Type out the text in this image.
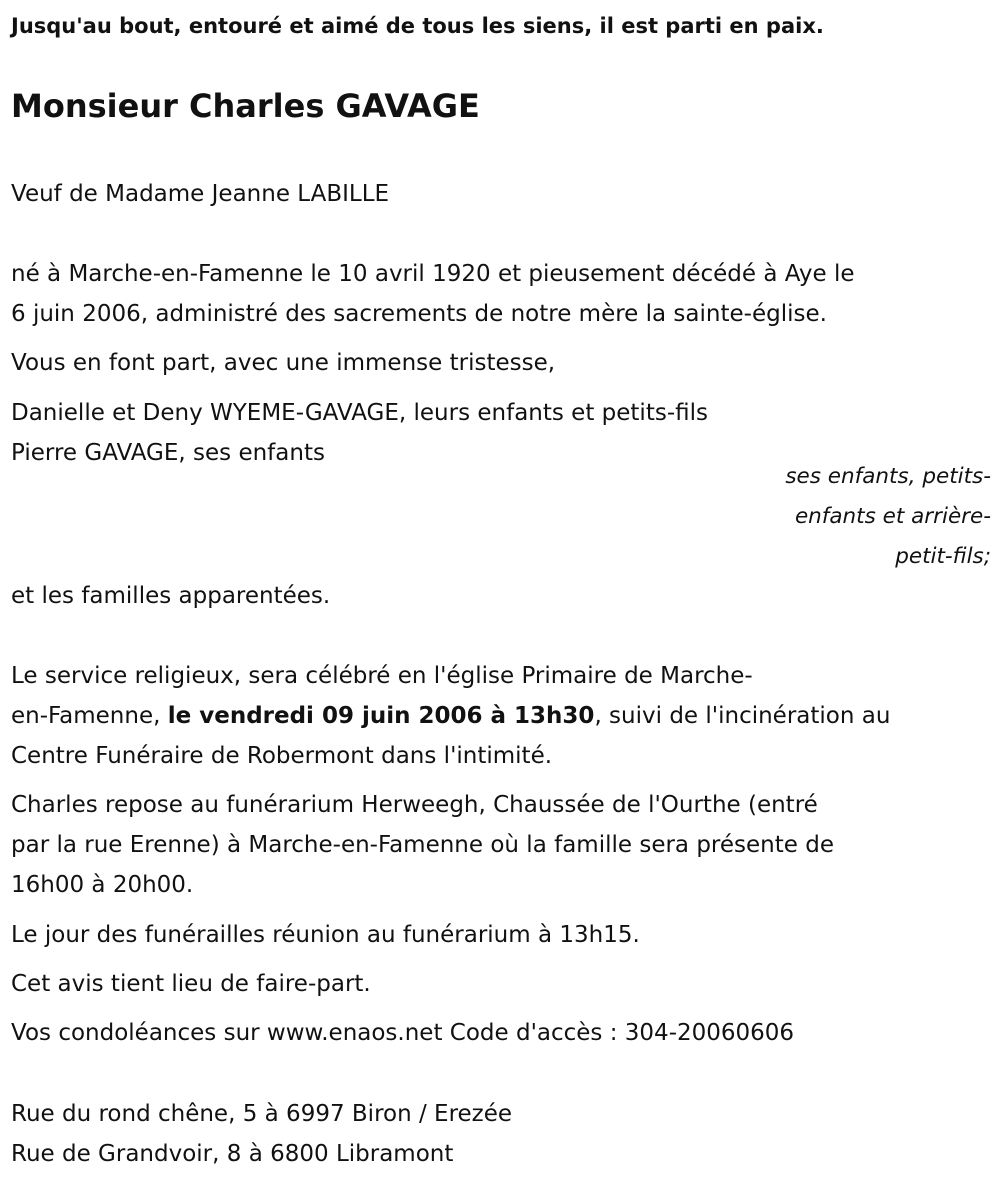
Jusqu'au bout, entouré et aimé de tous les siens, il est parti en paix.
Monsieur Charles GAVAGE
Veuf de Madame Jeanne LABILLE
né à Marche-en-Famenne le 10 avril 1920 et pieusement décédé à Aye le
6 juin 2006, administré des sacrements de notre mère la sainte-église.
Vous en font part, avec une immense tristesse,
Danielle et Deny WYEME-GAVAGE, leurs enfants et petits-fils
Pierre GAVAGE, ses enfants
ses enfants, petits-
enfants et arrière-
petit-fils;
et les familles apparentées.
Le service religieux, sera célébré en l'église Primaire de Marche-
en-Famenne, le vendredi 09 juin 2006 à 13h30, suivi de l'incinération au
Centre Funéraire de Robermont dans l'intimité.
Charles repose au funérarium Herweegh, Chaussée de l'Ourthe (entré
par la rue Erenne) à Marche-en-Famenne où la famille sera présente de
16h00 à 20h00.
Le jour des funérailles réunion au funérarium à 13h15.
Cet avis tient lieu de faire-part.
Vos condoléances sur www.enaos.net Code d'accès : 304-20060606
Rue du rond chêne, 5 à 6997 Biron / Erezée
Rue de Grandvoir, 8 à 6800 Libramont
